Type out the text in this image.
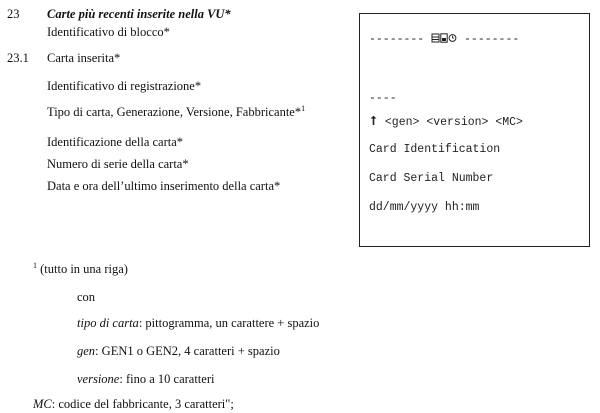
23 Carte più recenti inserite nella VU*
Identificativo di blocco*
23.1 Carta inserita*
Identificativo di registrazione*
Tipo di carta, Generazione, Versione, Fabbricante*$^1$
Identificazione della carta*
Numero di serie della carta*
Data e ora dell’ultimo inserimento della carta*
--------	--------
----
<gen> <version> <MC>
Card Identification
Card Serial Number
dd/mm/yyyy hh:mm
$^1$ (tutto in una riga)
con
tipo di carta: pittogramma, un carattere + spazio
gen: GEN1 o GEN2, 4 caratteri + spazio
versione: fino a 10 caratteri
MC: codice del fabbricante, 3 caratteri";
